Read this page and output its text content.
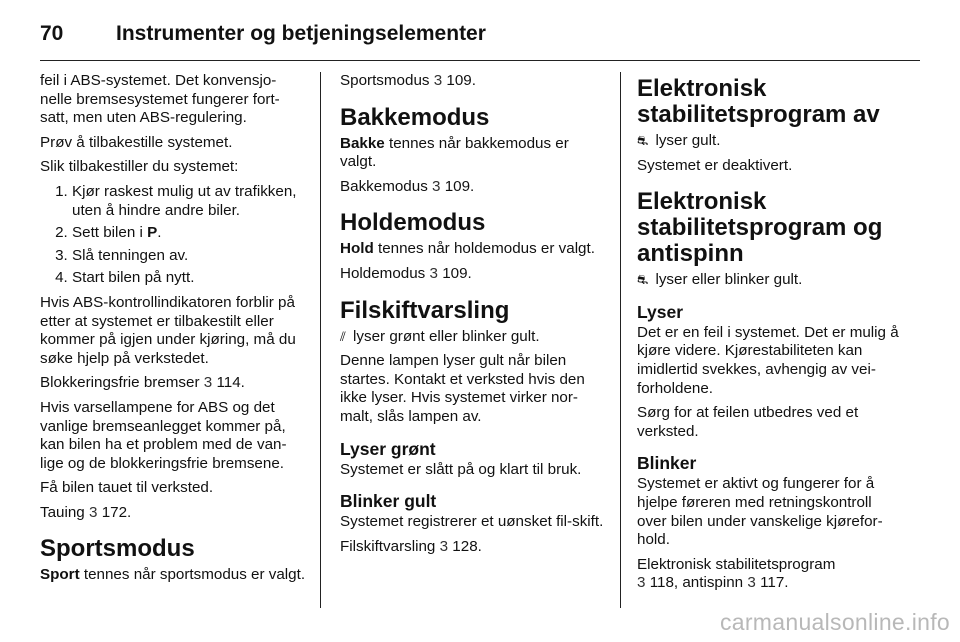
70	Instrumenter og betjeningselementer

feil i ABS-systemet. Det konvensjo-nelle bremsesystemet fungerer fort-satt, men uten ABS-regulering.

Prøv å tilbakestille systemet.

Slik tilbakestiller du systemet:

1. Kjør raskest mulig ut av trafikken, uten å hindre andre biler.
2. Sett bilen i P.
3. Slå tenningen av.
4. Start bilen på nytt.

Hvis ABS-kontrollindikatoren forblir på etter at systemet er tilbakestilt eller kommer på igjen under kjøring, må du søke hjelp på verkstedet.

Blokkeringsfrie bremser 3 114.

Hvis varsellampene for ABS og det vanlige bremseanlegget kommer på, kan bilen ha et problem med de van-lige og de blokkeringsfrie bremsene.

Få bilen tauet til verksted.

Tauing 3 172.

Sportsmodus

Sport tennes når sportsmodus er valgt.

Sportsmodus 3 109.

Bakkemodus

Bakke tennes når bakkemodus er valgt.

Bakkemodus 3 109.

Holdemodus

Hold tennes når holdemodus er valgt.

Holdemodus 3 109.

Filskiftvarsling

⫽ lyser grønt eller blinker gult.

Denne lampen lyser gult når bilen startes. Kontakt et verksted hvis den ikke lyser. Hvis systemet virker nor-malt, slås lampen av.

Lyser grønt

Systemet er slått på og klart til bruk.

Blinker gult

Systemet registrerer et uønsket fil-skift.

Filskiftvarsling 3 128.

Elektronisk stabilitetsprogram av

⛐ lyser gult.

Systemet er deaktivert.

Elektronisk stabilitetsprogram og antispinn

⛐ lyser eller blinker gult.

Lyser

Det er en feil i systemet. Det er mulig å kjøre videre. Kjørestabiliteten kan imidlertid svekkes, avhengig av vei-forholdene.

Sørg for at feilen utbedres ved et verksted.

Blinker

Systemet er aktivt og fungerer for å hjelpe føreren med retningskontroll over bilen under vanskelige kjørefor-hold.

Elektronisk stabilitetsprogram
3 118, antispinn 3 117.

carmanualsonline.info
